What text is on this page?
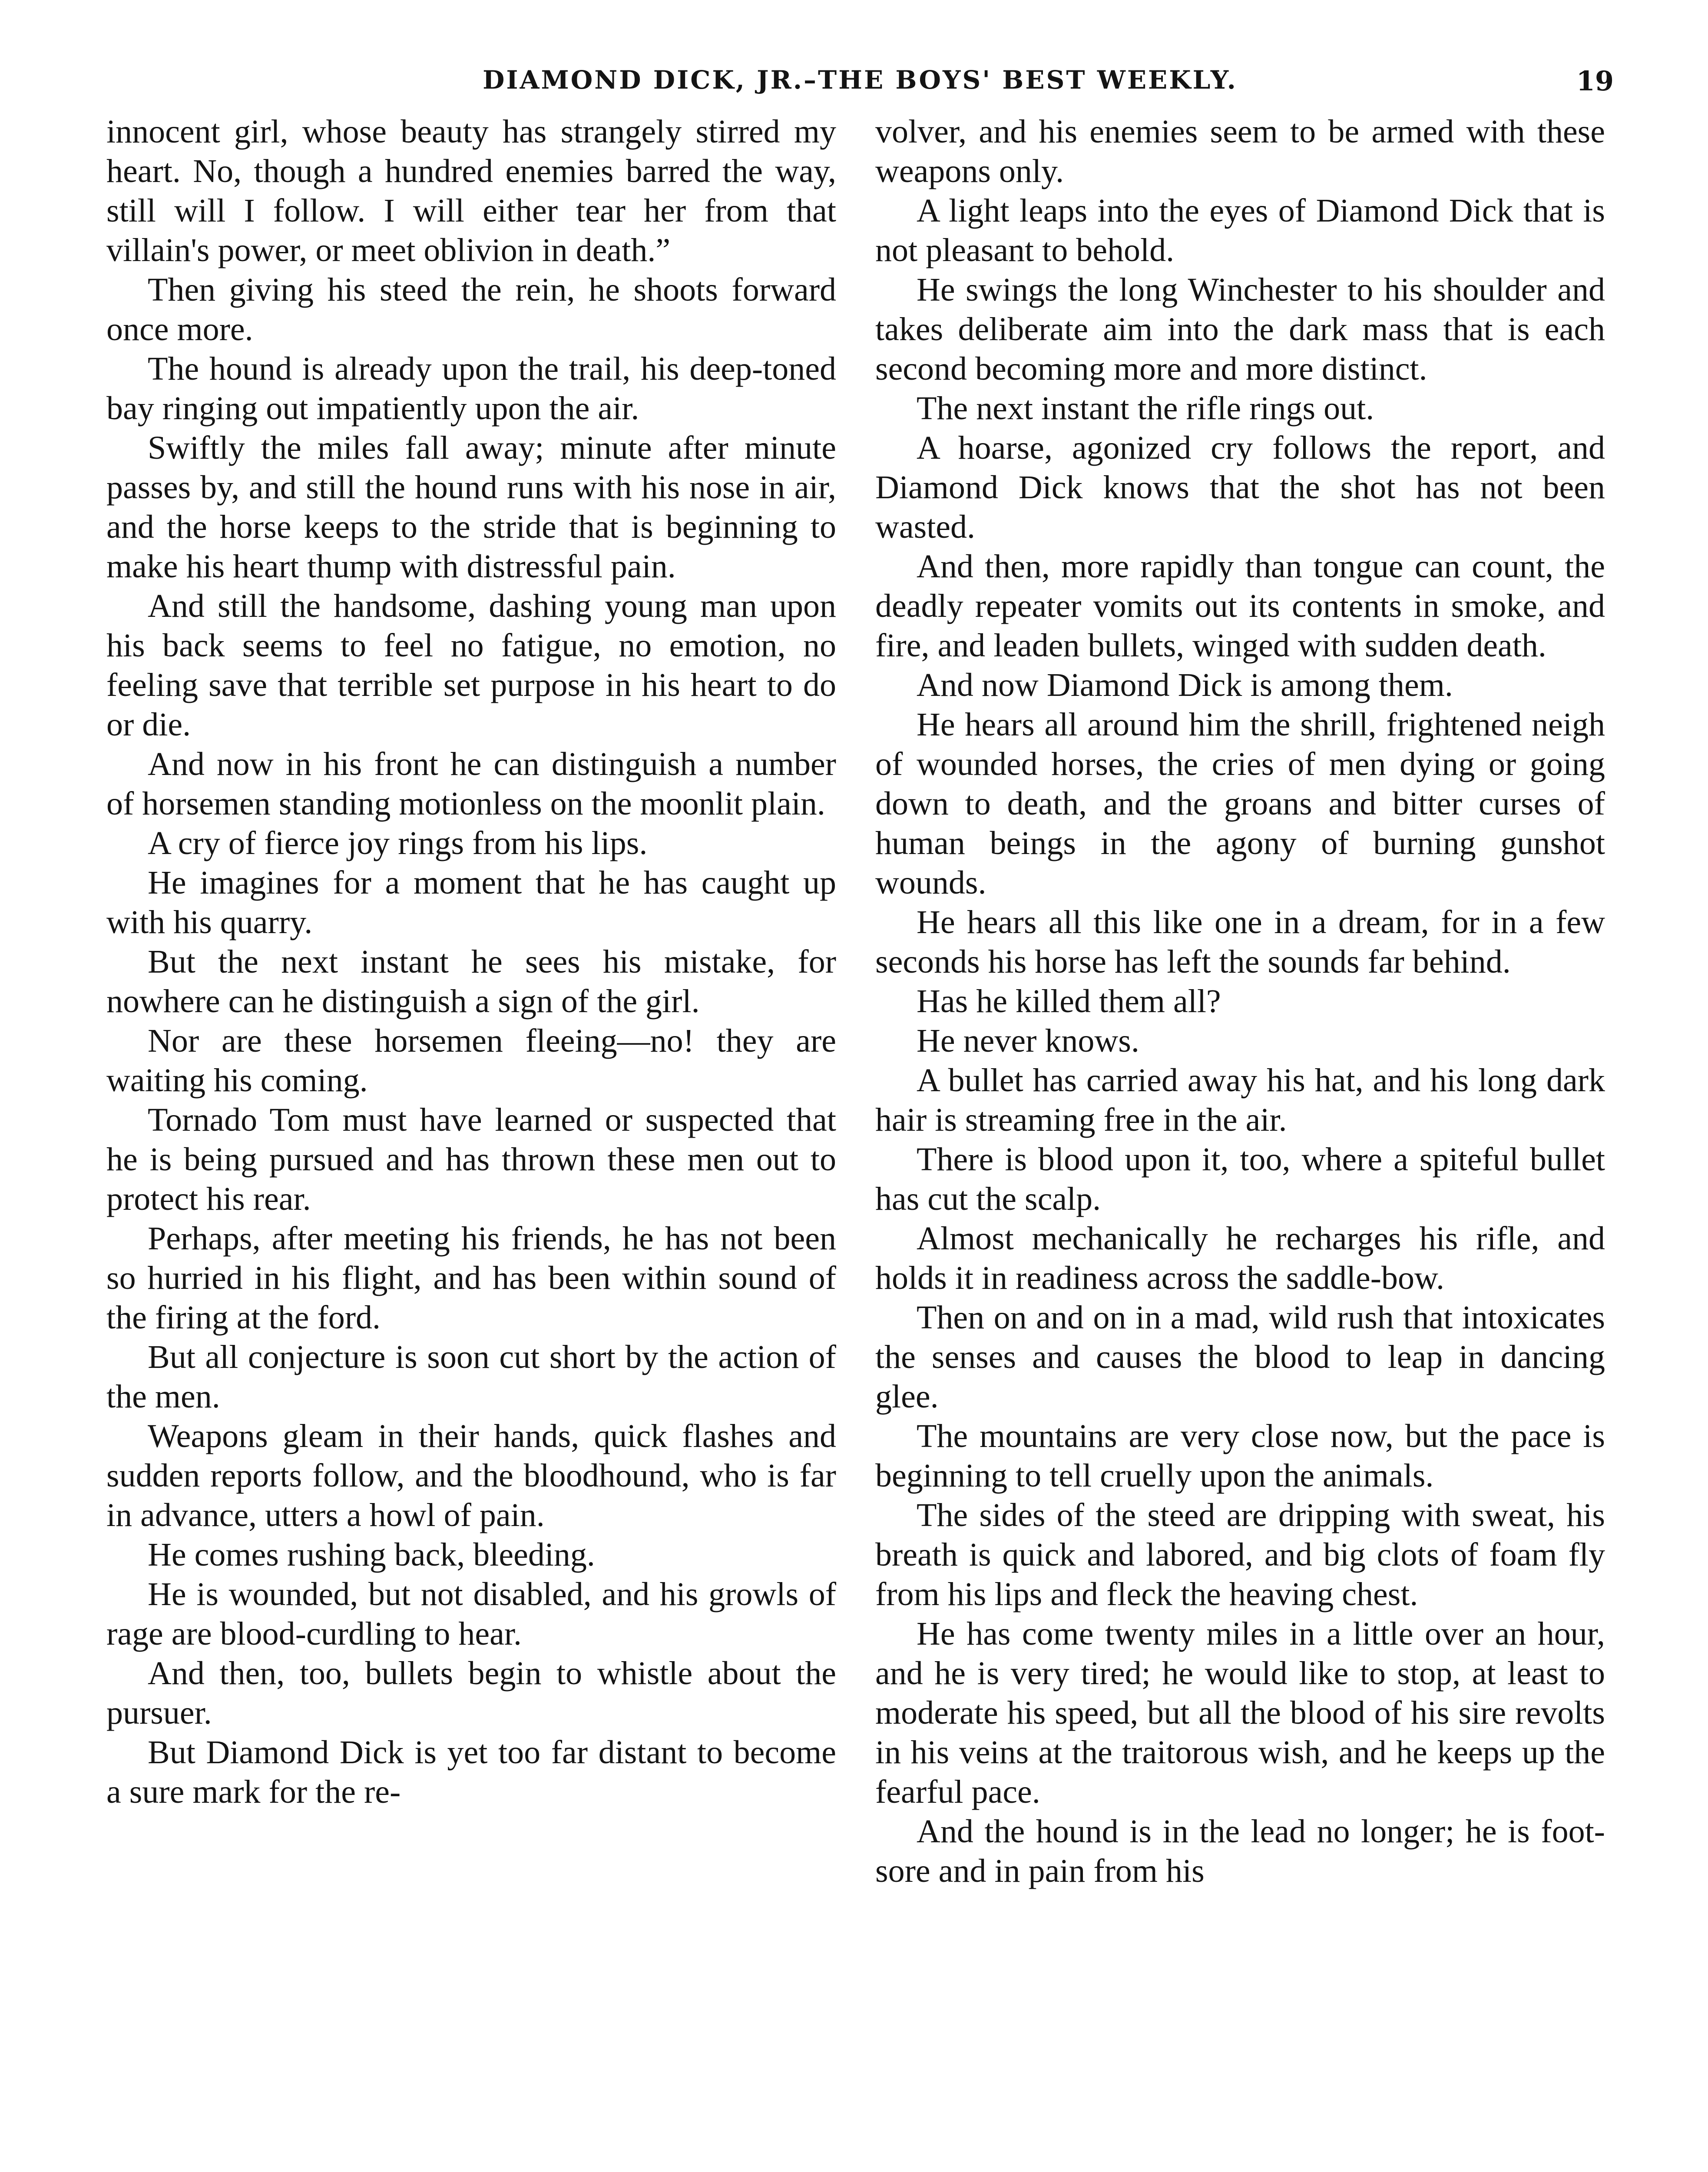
DIAMOND DICK, JR.–THE BOYS' BEST WEEKLY.	19

innocent girl, whose beauty has strangely stirred my heart. No, though a hundred enemies barred the way, still will I follow. I will either tear her from that villain's power, or meet oblivion in death.”

Then giving his steed the rein, he shoots forward once more.

The hound is already upon the trail, his deep-toned bay ringing out impatiently upon the air.

Swiftly the miles fall away; minute after minute passes by, and still the hound runs with his nose in air, and the horse keeps to the stride that is beginning to make his heart thump with distressful pain.

And still the handsome, dashing young man upon his back seems to feel no fatigue, no emotion, no feeling save that terrible set purpose in his heart to do or die.

And now in his front he can distinguish a number of horsemen standing motionless on the moonlit plain.

A cry of fierce joy rings from his lips.

He imagines for a moment that he has caught up with his quarry.

But the next instant he sees his mistake, for nowhere can he distinguish a sign of the girl.

Nor are these horsemen fleeing—no! they are waiting his coming.

Tornado Tom must have learned or suspected that he is being pursued and has thrown these men out to protect his rear.

Perhaps, after meeting his friends, he has not been so hurried in his flight, and has been within sound of the firing at the ford.

But all conjecture is soon cut short by the action of the men.

Weapons gleam in their hands, quick flashes and sudden reports follow, and the bloodhound, who is far in advance, utters a howl of pain.

He comes rushing back, bleeding.

He is wounded, but not disabled, and his growls of rage are blood-curdling to hear.

And then, too, bullets begin to whistle about the pursuer.

But Diamond Dick is yet too far distant to become a sure mark for the re-

volver, and his enemies seem to be armed with these weapons only.

A light leaps into the eyes of Diamond Dick that is not pleasant to behold.

He swings the long Winchester to his shoulder and takes deliberate aim into the dark mass that is each second becoming more and more distinct.

The next instant the rifle rings out.

A hoarse, agonized cry follows the report, and Diamond Dick knows that the shot has not been wasted.

And then, more rapidly than tongue can count, the deadly repeater vomits out its contents in smoke, and fire, and leaden bullets, winged with sudden death.

And now Diamond Dick is among them.

He hears all around him the shrill, frightened neigh of wounded horses, the cries of men dying or going down to death, and the groans and bitter curses of human beings in the agony of burning gunshot wounds.

He hears all this like one in a dream, for in a few seconds his horse has left the sounds far behind.

Has he killed them all?

He never knows.

A bullet has carried away his hat, and his long dark hair is streaming free in the air.

There is blood upon it, too, where a spiteful bullet has cut the scalp.

Almost mechanically he recharges his rifle, and holds it in readiness across the saddle-bow.

Then on and on in a mad, wild rush that intoxicates the senses and causes the blood to leap in dancing glee.

The mountains are very close now, but the pace is beginning to tell cruelly upon the animals.

The sides of the steed are dripping with sweat, his breath is quick and labored, and big clots of foam fly from his lips and fleck the heaving chest.

He has come twenty miles in a little over an hour, and he is very tired; he would like to stop, at least to moderate his speed, but all the blood of his sire revolts in his veins at the traitorous wish, and he keeps up the fearful pace.

And the hound is in the lead no longer; he is foot-sore and in pain from his
